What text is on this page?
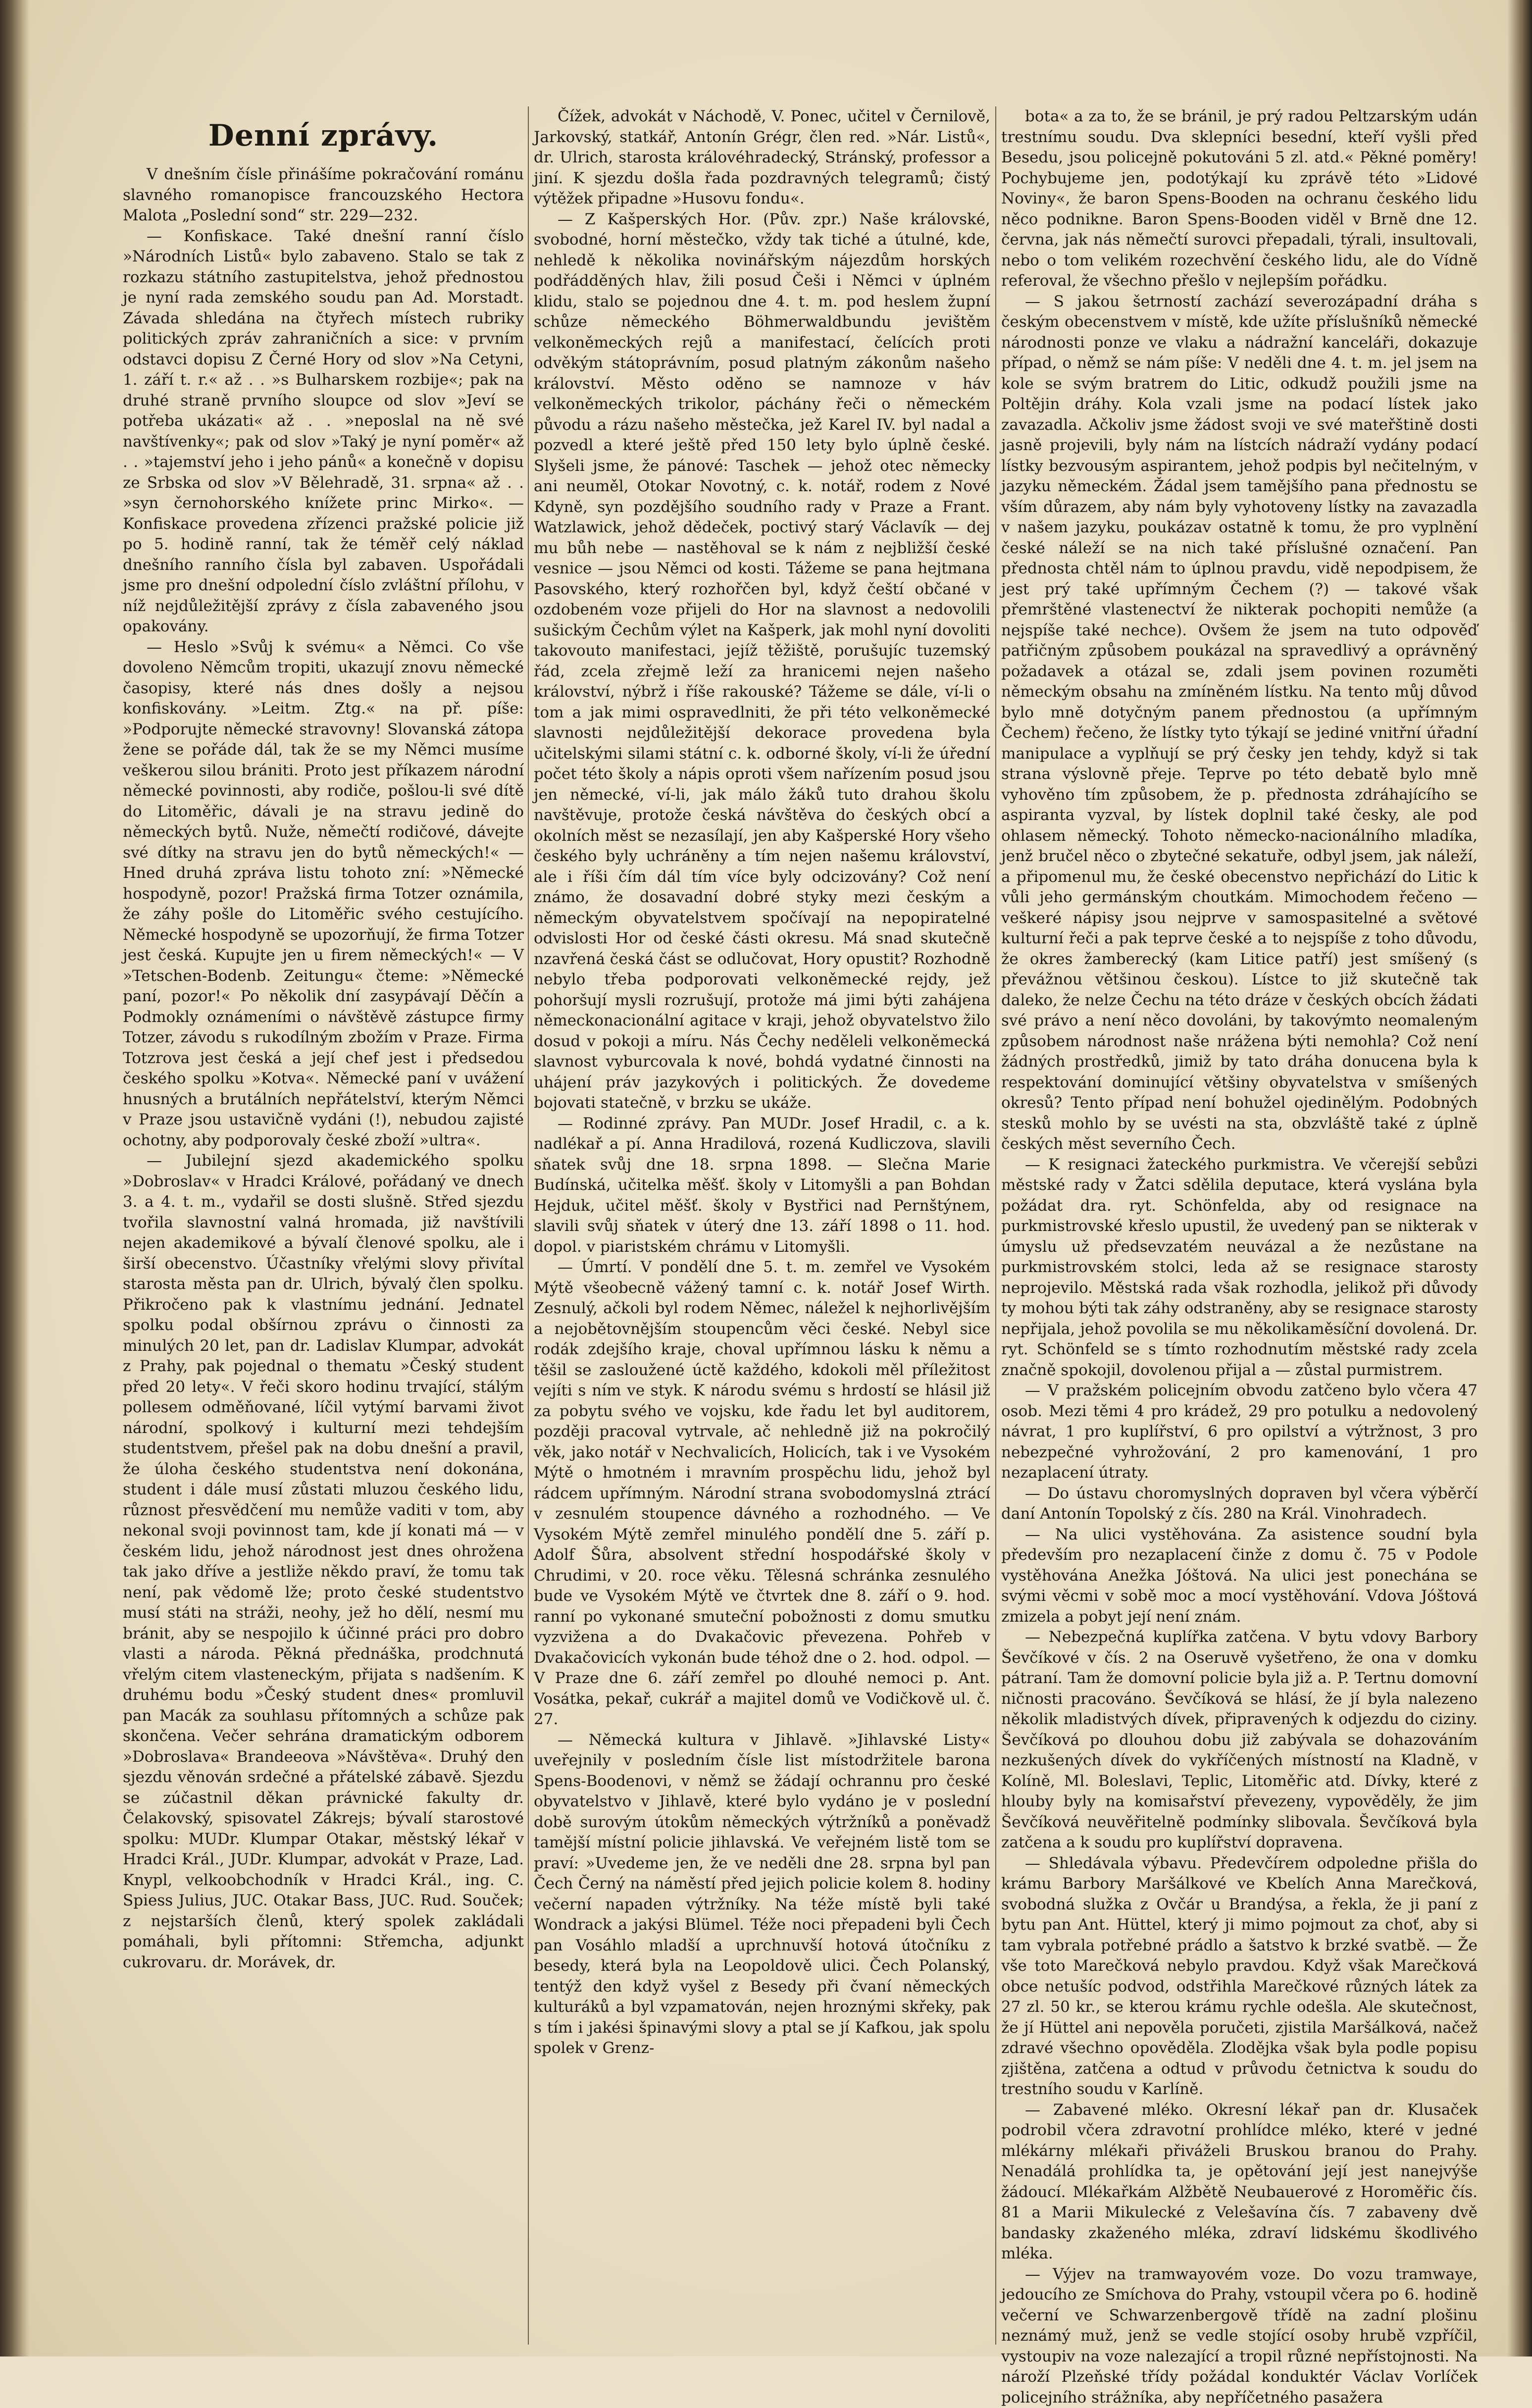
Denní zprávy.

V dnešním čísle přinášíme pokračování románu slavného romanopisce francouzského Hectora Malota „Poslední sond“ str. 229—232.

— Konfiskace. Také dnešní ranní číslo »Národních Listů« bylo zabaveno. Stalo se tak z rozkazu státního zastupitelstva, jehož přednostou je nyní rada zemského soudu pan Ad. Morstadt. Závada shledána na čtyřech místech rubriky politických zpráv zahraničních a sice: v prvním odstavci dopisu Z Černé Hory od slov »Na Cetyni, 1. září t. r.« až . . »s Bulharskem rozbije«; pak na druhé straně prvního sloupce od slov »Jeví se potřeba ukázati« až . . »neposlal na ně své navštívenky«; pak od slov »Taký je nyní poměr« až . . »tajemství jeho i jeho pánů« a konečně v dopisu ze Srbska od slov »V Bělehradě, 31. srpna« až . . »syn černohorského knížete princ Mirko«. — Konfiskace provedena zřízenci pražské policie již po 5. hodině ranní, tak že téměř celý náklad dnešního ranního čísla byl zabaven. Uspořádali jsme pro dnešní odpolední číslo zvláštní přílohu, v níž nejdůležitější zprávy z čísla zabaveného jsou opakovány.

— Heslo »Svůj k svému« a Němci. Co vše dovoleno Němcům tropiti, ukazují znovu německé časopisy, které nás dnes došly a nejsou konfiskovány. »Leitm. Ztg.« na př. píše: »Podporujte německé stravovny! Slovanská zátopa žene se pořáde dál, tak že se my Němci musíme veškerou silou brániti. Proto jest příkazem národní německé povinnosti, aby rodiče, pošlou-li své dítě do Litoměřic, dávali je na stravu jedině do německých bytů. Nuže, němečtí rodičové, dávejte své dítky na stravu jen do bytů německých!« — Hned druhá zpráva listu tohoto zní: »Německé hospodyně, pozor! Pražská firma Totzer oznámila, že záhy pošle do Litoměřic svého cestujícího. Německé hospodyně se upozorňují, že firma Totzer jest česká. Kupujte jen u firem německých!« — V »Tetschen-Bodenb. Zeitungu« čteme: »Německé paní, pozor!« Po několik dní zasypávají Děčín a Podmokly oznámeními o návštěvě zástupce firmy Totzer, závodu s rukodílným zbožím v Praze. Firma Totzrova jest česká a její chef jest i předsedou českého spolku »Kotva«. Německé paní v uvážení hnusných a brutálních nepřátelství, kterým Němci v Praze jsou ustavičně vydáni (!), nebudou zajisté ochotny, aby podporovaly české zboží »ultra«.

— Jubilejní sjezd akademického spolku »Dobroslav« v Hradci Králové, pořádaný ve dnech 3. a 4. t. m., vydařil se dosti slušně. Střed sjezdu tvořila slavnostní valná hromada, již navštívili nejen akademikové a bývalí členové spolku, ale i širší obecenstvo. Účastníky vřelými slovy přivítal starosta města pan dr. Ulrich, bývalý člen spolku. Přikročeno pak k vlastnímu jednání. Jednatel spolku podal obšírnou zprávu o činnosti za minulých 20 let, pan dr. Ladislav Klumpar, advokát z Prahy, pak pojednal o thematu »Český student před 20 lety«. V řeči skoro hodinu trvající, stálým pollesem odměňované, líčil vytýmí barvami život národní, spolkový i kulturní mezi tehdejším studentstvem, přešel pak na dobu dnešní a pravil, že úloha českého studentstva není dokonána, student i dále musí zůstati mluzou českého lidu, různost přesvědčení mu nemůže vaditi v tom, aby nekonal svoji povinnost tam, kde jí konati má — v českém lidu, jehož národnost jest dnes ohrožena tak jako dříve a jestliže někdo praví, že tomu tak není, pak vědomě lže; proto české studentstvo musí státi na stráži, neohy, jež ho dělí, nesmí mu bránit, aby se nespojilo k účinné práci pro dobro vlasti a národa. Pěkná přednáška, prodchnutá vřelým citem vlasteneckým, přijata s nadšením. K druhému bodu »Český student dnes« promluvil pan Macák za souhlasu přítomných a schůze pak skončena. Večer sehrána dramatickým odborem »Dobroslava« Brandeeova »Návštěva«. Druhý den sjezdu věnován srdečné a přátelské zábavě. Sjezdu se zúčastnil děkan právnické fakulty dr. Čelakovský, spisovatel Zákrejs; bývalí starostové spolku: MUDr. Klumpar Otakar, městský lékař v Hradci Král., JUDr. Klumpar, advokát v Praze, Lad. Knypl, velkoobchodník v Hradci Král., ing. C. Spiess Julius, JUC. Otakar Bass, JUC. Rud. Souček; z nejstarších členů, který spolek zakládali pomáhali, byli přítomni: Střemcha, adjunkt cukrovaru. dr. Morávek, dr.

Čížek, advokát v Náchodě, V. Ponec, učitel v Černilově, Jarkovský, statkář, Antonín Grégr, člen red. »Nár. Listů«, dr. Ulrich, starosta královéhradecký, Stránský, professor a jiní. K sjezdu došla řada pozdravných telegramů; čistý výtěžek připadne »Husovu fondu«.

— Z Kašperských Hor. (Pův. zpr.) Naše královské, svobodné, horní městečko, vždy tak tiché a útulné, kde, nehledě k několika novinářským nájezdům horských podřádděných hlav, žili posud Češi i Němci v úplném klidu, stalo se pojednou dne 4. t. m. pod heslem župní schůze německého Böhmerwaldbundu jevištěm velkoněmeckých rejů a manifestací, čelících proti odvěkým státoprávním, posud platným zákonům našeho království. Město oděno se namnoze v háv velkoněmeckých trikolor, páchány řeči o německém původu a rázu našeho městečka, jež Karel IV. byl nadal a pozvedl a které ještě před 150 lety bylo úplně české. Slyšeli jsme, že pánové: Taschek — jehož otec německy ani neuměl, Otokar Novotný, c. k. notář, rodem z Nové Kdyně, syn pozdějšího soudního rady v Praze a Frant. Watzlawick, jehož dědeček, poctivý starý Václavík — dej mu bůh nebe — nastěhoval se k nám z nejbližší české vesnice — jsou Němci od kosti. Tážeme se pana hejtmana Pasovského, který rozhořčen byl, když čeští občané v ozdobeném voze přijeli do Hor na slavnost a nedovolili sušickým Čechům výlet na Kašperk, jak mohl nyní dovoliti takovouto manifestaci, jejíž těžiště, porušujíc tuzemský řád, zcela zřejmě leží za hranicemi nejen našeho království, nýbrž i říše rakouské? Tážeme se dále, ví-li o tom a jak mimi ospravedlniti, že při této velkoněmecké slavnosti nejdůležitější dekorace provedena byla učitelskými silami státní c. k. odborné školy, ví-li že úřední počet této školy a nápis oproti všem nařízením posud jsou jen německé, ví-li, jak málo žáků tuto drahou školu navštěvuje, protože česká návštěva do českých obcí a okolních měst se nezasílají, jen aby Kašperské Hory všeho českého byly uchráněny a tím nejen našemu království, ale i říši čím dál tím více byly odcizovány? Což není známo, že dosavadní dobré styky mezi českým a německým obyvatelstvem spočívají na nepopiratelné odvislosti Hor od české části okresu. Má snad skutečně nzavřená česká část se odlučovat, Hory opustit? Rozhodně nebylo třeba podporovati velkoněmecké rejdy, jež pohoršují mysli rozrušují, protože má jimi býti zahájena německonacionální agitace v kraji, jehož obyvatelstvo žilo dosud v pokoji a míru. Nás Čechy neděleli velkoněmecká slavnost vyburcovala k nové, bohdá vydatné činnosti na uhájení práv jazykových i politických. Že dovedeme bojovati statečně, v brzku se ukáže.

— Rodinné zprávy. Pan MUDr. Josef Hradil, c. a k. nadlékař a pí. Anna Hradilová, rozená Kudliczova, slavili sňatek svůj dne 18. srpna 1898. — Slečna Marie Budínská, učitelka měšť. školy v Litomyšli a pan Bohdan Hejduk, učitel měšť. školy v Bystřici nad Pernštýnem, slavili svůj sňatek v úterý dne 13. září 1898 o 11. hod. dopol. v piaristském chrámu v Litomyšli.

— Úmrtí. V pondělí dne 5. t. m. zemřel ve Vysokém Mýtě všeobecně vážený tamní c. k. notář Josef Wirth. Zesnulý, ačkoli byl rodem Němec, náležel k nejhorlivějším a nejobětovnějším stoupencům věci české. Nebyl sice rodák zdejšího kraje, choval upřímnou lásku k němu a těšil se zasloužené úctě každého, kdokoli měl příležitost vejíti s ním ve styk. K národu svému s hrdostí se hlásil již za pobytu svého ve vojsku, kde řadu let byl auditorem, později pracoval vytrvale, ač nehledně již na pokročilý věk, jako notář v Nechvalicích, Holicích, tak i ve Vysokém Mýtě o hmotném i mravním prospěchu lidu, jehož byl rádcem upřímným. Národní strana svobodomyslná ztrácí v zesnulém stoupence dávného a rozhodného. — Ve Vysokém Mýtě zemřel minulého pondělí dne 5. září p. Adolf Šůra, absolvent střední hospodářské školy v Chrudimi, v 20. roce věku. Tělesná schránka zesnulého bude ve Vysokém Mýtě ve čtvrtek dne 8. září o 9. hod. ranní po vykonané smuteční pobožnosti z domu smutku vyzvižena a do Dvakačovic převezena. Pohřeb v Dvakačovicích vykonán bude téhož dne o 2. hod. odpol. — V Praze dne 6. září zemřel po dlouhé nemoci p. Ant. Vosátka, pekař, cukrář a majitel domů ve Vodičkově ul. č. 27.

— Německá kultura v Jihlavě. »Jihlavské Listy« uveřejnily v posledním čísle list místodržitele barona Spens-Boodenovi, v němž se žádají ochrannu pro české obyvatelstvo v Jihlavě, které bylo vydáno je v poslední době surovým útokům německých výtržníků a poněvadž tamější místní policie jihlavská. Ve veřejném listě tom se praví: »Uvedeme jen, že ve neděli dne 28. srpna byl pan Čech Černý na náměstí před jejich policie kolem 8. hodiny večerní napaden výtržníky. Na téže místě byli také Wondrack a jakýsi Blümel. Téže noci přepadeni byli Čech pan Vosáhlo mladší a uprchnuvší hotová útočníku z besedy, která byla na Leopoldově ulici. Čech Polanský, tentýž den když vyšel z Besedy při čvaní německých kulturáků a byl vzpamatován, nejen hroznými skřeky, pak s tím i jakési špinavými slovy a ptal se jí Kafkou, jak spolu spolek v Grenz-

bota« a za to, že se bránil, je prý radou Peltzarským udán trestnímu soudu. Dva sklepníci besední, kteří vyšli před Besedu, jsou policejně pokutováni 5 zl. atd.« Pěkné poměry! Pochybujeme jen, podotýkají ku zprávě této »Lidové Noviny«, že baron Spens-Booden na ochranu českého lidu něco podnikne. Baron Spens-Booden viděl v Brně dne 12. června, jak nás němečtí surovci přepadali, týrali, insultovali, nebo o tom velikém rozechvění českého lidu, ale do Vídně referoval, že všechno přešlo v nejlepším pořádku.

— S jakou šetrností zachází severozápadní dráha s českým obecenstvem v místě, kde užíte příslušníků německé národnosti ponze ve vlaku a nádražní kanceláři, dokazuje případ, o němž se nám píše: V neděli dne 4. t. m. jel jsem na kole se svým bratrem do Litic, odkudž použili jsme na Poltějin dráhy. Kola vzali jsme na podací lístek jako zavazadla. Ačkoliv jsme žádost svoji ve své mateřštině dosti jasně projevili, byly nám na lístcích nádraží vydány podací lístky bezvousým aspirantem, jehož podpis byl nečitelným, v jazyku německém. Žádal jsem tamějšího pana přednostu se vším důrazem, aby nám byly vyhotoveny lístky na zavazadla v našem jazyku, poukázav ostatně k tomu, že pro vyplnění české náleží se na nich také příslušné označení. Pan přednosta chtěl nám to úplnou pravdu, vidě nepodpisem, že jest prý také upřímným Čechem (?) — takové však přemrštěné vlastenectví že nikterak pochopiti nemůže (a nejspíše také nechce). Ovšem že jsem na tuto odpověď patřičným způsobem poukázal na spravedlivý a oprávněný požadavek a otázal se, zdali jsem povinen rozuměti německým obsahu na zmíněném lístku. Na tento můj důvod bylo mně dotyčným panem přednostou (a upřímným Čechem) řečeno, že lístky tyto týkají se jediné vnitřní úřadní manipulace a vyplňují se prý česky jen tehdy, když si tak strana výslovně přeje. Teprve po této debatě bylo mně vyhověno tím způsobem, že p. přednosta zdráhajícího se aspiranta vyzval, by lístek doplnil také česky, ale pod ohlasem německý. Tohoto německo-nacionálního mladíka, jenž bručel něco o zbytečné sekatuře, odbyl jsem, jak náleží, a připomenul mu, že české obecenstvo nepřichází do Litic k vůli jeho germánským choutkám. Mimochodem řečeno — veškeré nápisy jsou nejprve v samospasitelné a světové kulturní řeči a pak teprve české a to nejspíše z toho důvodu, že okres žamberecký (kam Litice patří) jest smíšený (s převážnou většinou českou). Lístce to již skutečně tak daleko, že nelze Čechu na této dráze v českých obcích žádati své právo a není něco dovoláni, by takovýmto neomaleným způsobem národnost naše nrážena býti nemohla? Což není žádných prostředků, jimiž by tato dráha donucena byla k respektování dominující většiny obyvatelstva v smíšených okresů? Tento případ není bohužel ojedinělým. Podobných stesků mohlo by se uvésti na sta, obzvláště také z úplně českých měst severního Čech.

— K resignaci žateckého purkmistra. Ve včerejší sebůzi městské rady v Žatci sdělila deputace, která vyslána byla požádat dra. ryt. Schönfelda, aby od resignace na purkmistrovské křeslo upustil, že uvedený pan se nikterak v úmyslu už předsevzatém neuvázal a že nezůstane na purkmistrovském stolci, leda až se resignace starosty neprojevilo. Městská rada však rozhodla, jelikož při důvody ty mohou býti tak záhy odstraněny, aby se resignace starosty nepřijala, jehož povolila se mu několikaměsíční dovolená. Dr. ryt. Schönfeld se s tímto rozhodnutím městské rady zcela značně spokojil, dovolenou přijal a — zůstal purmistrem.

— V pražském policejním obvodu zatčeno bylo včera 47 osob. Mezi těmi 4 pro krádež, 29 pro potulku a nedovolený návrat, 1 pro kuplířství, 6 pro opilství a výtržnost, 3 pro nebezpečné vyhrožování, 2 pro kamenování, 1 pro nezaplacení útraty.

— Do ústavu choromyslných dopraven byl včera výběrčí daní Antonín Topolský z čís. 280 na Král. Vinohradech.

— Na ulici vystěhována. Za asistence soudní byla především pro nezaplacení činže z domu č. 75 v Podole vystěhována Anežka Jóštová. Na ulici jest ponechána se svými věcmi v sobě moc a mocí vystěhování. Vdova Jóštová zmizela a pobyt její není znám.

— Nebezpečná kuplířka zatčena. V bytu vdovy Barbory Ševčíkové v čís. 2 na Oseruvě vyšetřeno, že ona v domku pátraní. Tam že domovní policie byla již a. P. Tertnu domovní ničnosti pracováno. Ševčíková se hlásí, že jí byla nalezeno několik mladistvých dívek, připravených k odjezdu do ciziny. Ševčíková po dlouhou dobu již zabývala se dohazováním nezkušených dívek do vykříčených místností na Kladně, v Kolíně, Ml. Boleslavi, Teplic, Litoměřic atd. Dívky, které z hlouby byly na komisařství převezeny, vypověděly, že jim Ševčíková neuvěřitelně podmínky slibovala. Ševčíková byla zatčena a k soudu pro kuplířství dopravena.

— Shledávala výbavu. Předevčírem odpoledne přišla do krámu Barbory Maršálkové ve Kbelích Anna Marečková, svobodná služka z Ovčár u Brandýsa, a řekla, že ji paní z bytu pan Ant. Hüttel, který ji mimo pojmout za choť, aby si tam vybrala potřebné prádlo a šatstvo k brzké svatbě. — Že vše toto Marečková nebylo pravdou. Když však Marečková obce netušíc podvod, odstřihla Marečkové různých látek za 27 zl. 50 kr., se kterou krámu rychle odešla. Ale skutečnost, že jí Hüttel ani nepověla poručeti, zjistila Maršálková, načež zdravé všechno opověděla. Zlodějka však byla podle popisu zjištěna, zatčena a odtud v průvodu četnictva k soudu do trestního soudu v Karlíně.

— Zabavené mléko. Okresní lékař pan dr. Klusaček podrobil včera zdravotní prohlídce mléko, které v jedné mlékárny mlékaři přiváželi Bruskou branou do Prahy. Nenadálá prohlídka ta, je opětování její jest nanejvýše žádoucí. Mlékařkám Alžbětě Neubauerové z Horoměřic čís. 81 a Marii Mikulecké z Velešavína čís. 7 zabaveny dvě bandasky zkaženého mléka, zdraví lidskému škodlivého mléka.

— Výjev na tramwayovém voze. Do vozu tramwaye, jedoucího ze Smíchova do Prahy, vstoupil včera po 6. hodině večerní ve Schwarzenbergově třídě na zadní plošinu neznámý muž, jenž se vedle stojící osoby hrubě vzpříčil, vystoupiv na voze nalezající a tropil různé nepřístojnosti. Na nároží Plzeňské třídy požádal konduktér Václav Vorlíček policejního strážníka, aby nepříčetného pasažera
